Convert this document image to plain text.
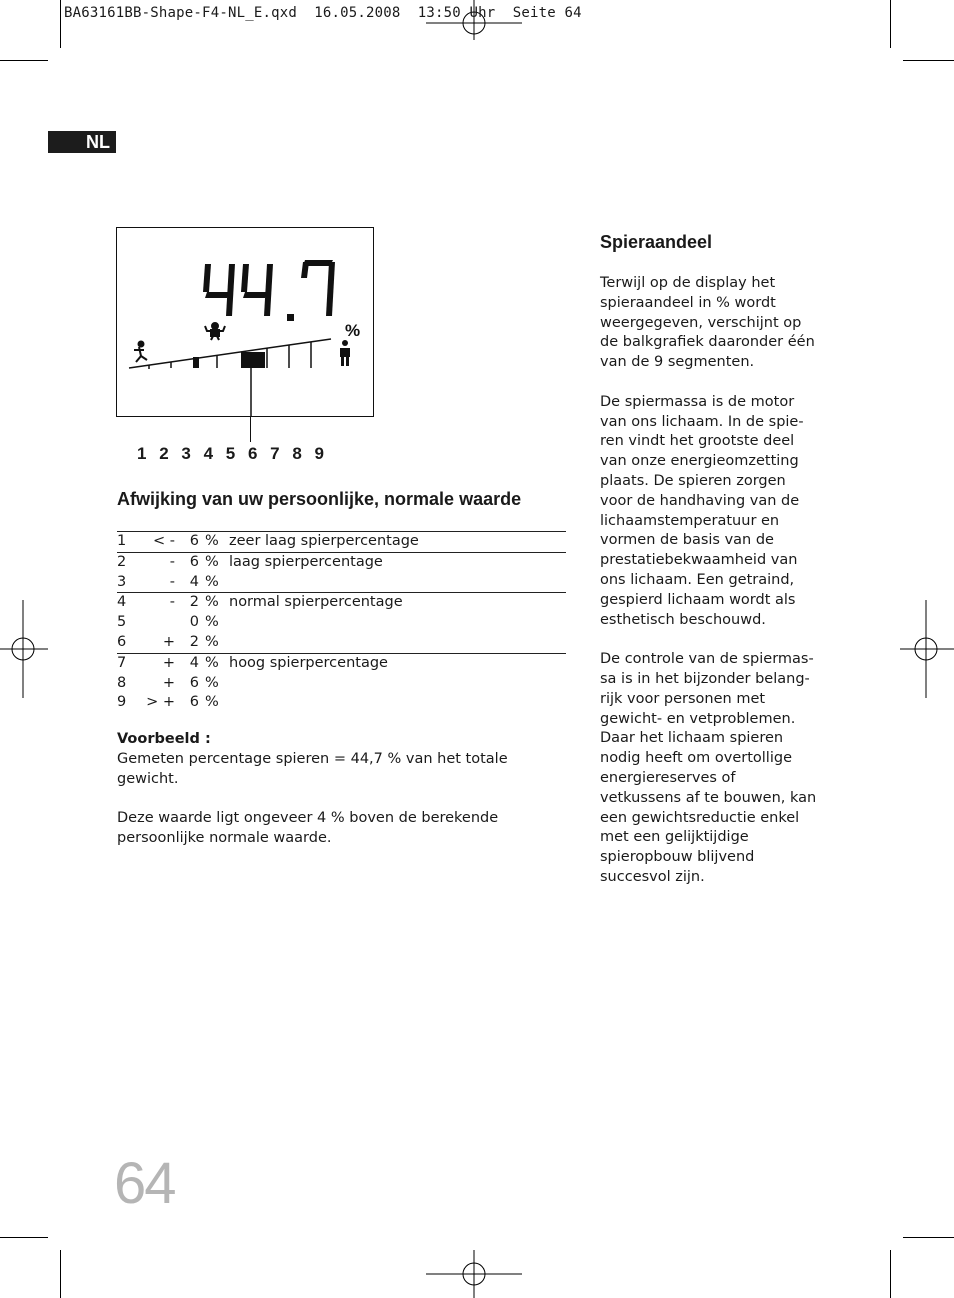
BA63161BB-Shape-F4-NL_E.qxd  16.05.2008  13:50 Uhr  Seite 64
NL
%
1 2 3 4 5 6 7 8 9
Afwijking van uw persoonlijke, normale waarde
1	< -	6	%	zeer laag spierpercentage
2	-	6	%	laag spierpercentage
3	-	4	%	
4	-	2	%	normal spierpercentage
5		0	%	
6	+	2	%	
7	+	4	%	hoog spierpercentage
8	+	6	%	
9	> +	6	%	

Voorbeeld :

Gemeten percentage spieren = 44,7 % van het totale gewicht.

Deze waarde ligt ongeveer 4 % boven de berekende persoonlijke normale waarde.

Spieraandeel

Terwijl op de display het spieraandeel in % wordt weergegeven, verschijnt op de balkgrafiek daaronder één van de 9 segmenten.

De spiermassa is de motor van ons lichaam. In de spie-ren vindt het grootste deel van onze energieomzetting plaats. De spieren zorgen voor de handhaving van de lichaamstemperatuur en vormen de basis van de prestatiebekwaamheid van ons lichaam. Een getraind, gespierd lichaam wordt als esthetisch beschouwd.

De controle van de spiermas-sa is in het bijzonder belang-rijk voor personen met gewicht- en vetproblemen. Daar het lichaam spieren nodig heeft om overtollige energiereserves of vetkussens af te bouwen, kan een gewichtsreductie enkel met een gelijktijdige spieropbouw blijvend succesvol zijn.

64
